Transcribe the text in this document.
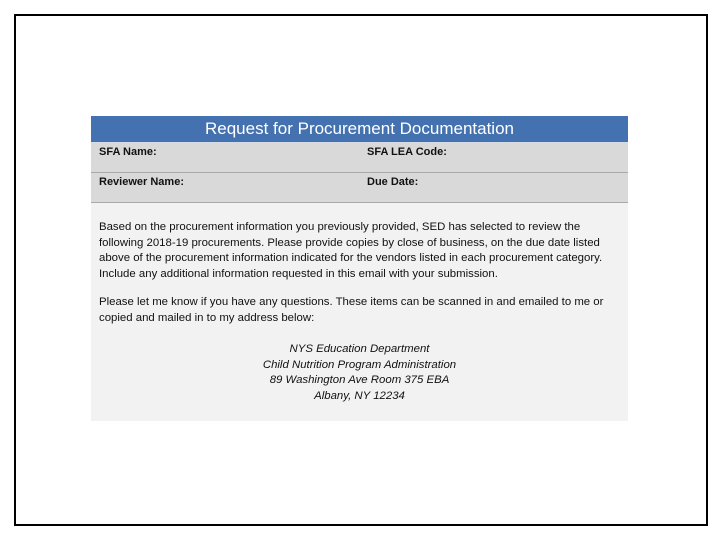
Request for Procurement Documentation
SFA Name:	SFA LEA Code:
Reviewer Name:	Due Date:

Based on the procurement information you previously provided, SED has selected to review the following 2018-19 procurements. Please provide copies by close of business, on the due date listed above of the procurement information indicated for the vendors listed in each procurement category. Include any additional information requested in this email with your submission.

Please let me know if you have any questions. These items can be scanned in and emailed to me or copied and mailed in to my address below:

NYS Education Department
Child Nutrition Program Administration
89 Washington Ave Room 375 EBA
Albany, NY 12234
